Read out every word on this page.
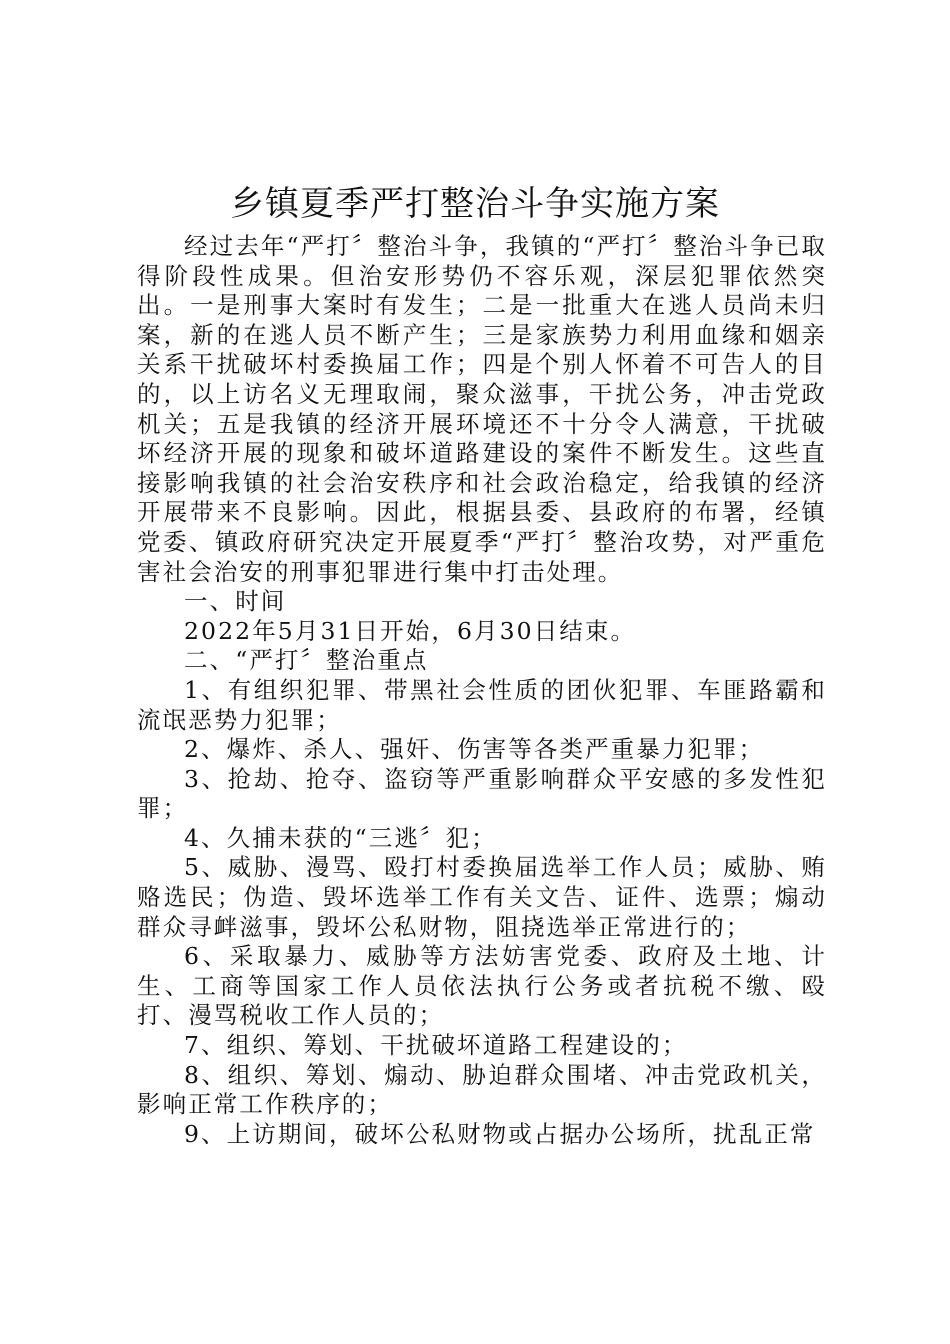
乡镇夏季严打整治斗争实施方案

经过去年“严打〞整治斗争，我镇的“严打〞整治斗争已取得阶段性成果。但治安形势仍不容乐观，深层犯罪依然突出。一是刑事大案时有发生；二是一批重大在逃人员尚未归案，新的在逃人员不断产生；三是家族势力利用血缘和姻亲关系干扰破坏村委换届工作；四是个别人怀着不可告人的目的，以上访名义无理取闹，聚众滋事，干扰公务，冲击党政机关；五是我镇的经济开展环境还不十分令人满意，干扰破坏经济开展的现象和破坏道路建设的案件不断发生。这些直接影响我镇的社会治安秩序和社会政治稳定，给我镇的经济开展带来不良影响。因此，根据县委、县政府的布署，经镇党委、镇政府研究决定开展夏季“严打〞整治攻势，对严重危害社会治安的刑事犯罪进行集中打击处理。

一、时间

2022年5月31日开始，6月30日结束。

二、“严打〞整治重点

1、有组织犯罪、带黑社会性质的团伙犯罪、车匪路霸和流氓恶势力犯罪；

2、爆炸、杀人、强奸、伤害等各类严重暴力犯罪；

3、抢劫、抢夺、盗窃等严重影响群众平安感的多发性犯罪；

4、久捕未获的“三逃〞犯；

5、威胁、漫骂、殴打村委换届选举工作人员；威胁、贿赂选民；伪造、毁坏选举工作有关文告、证件、选票；煽动群众寻衅滋事，毁坏公私财物，阻挠选举正常进行的；

6、采取暴力、威胁等方法妨害党委、政府及土地、计生、工商等国家工作人员依法执行公务或者抗税不缴、殴打、漫骂税收工作人员的；

7、组织、筹划、干扰破坏道路工程建设的；

8、组织、筹划、煽动、胁迫群众围堵、冲击党政机关，影响正常工作秩序的；

9、上访期间，破坏公私财物或占据办公场所，扰乱正常
